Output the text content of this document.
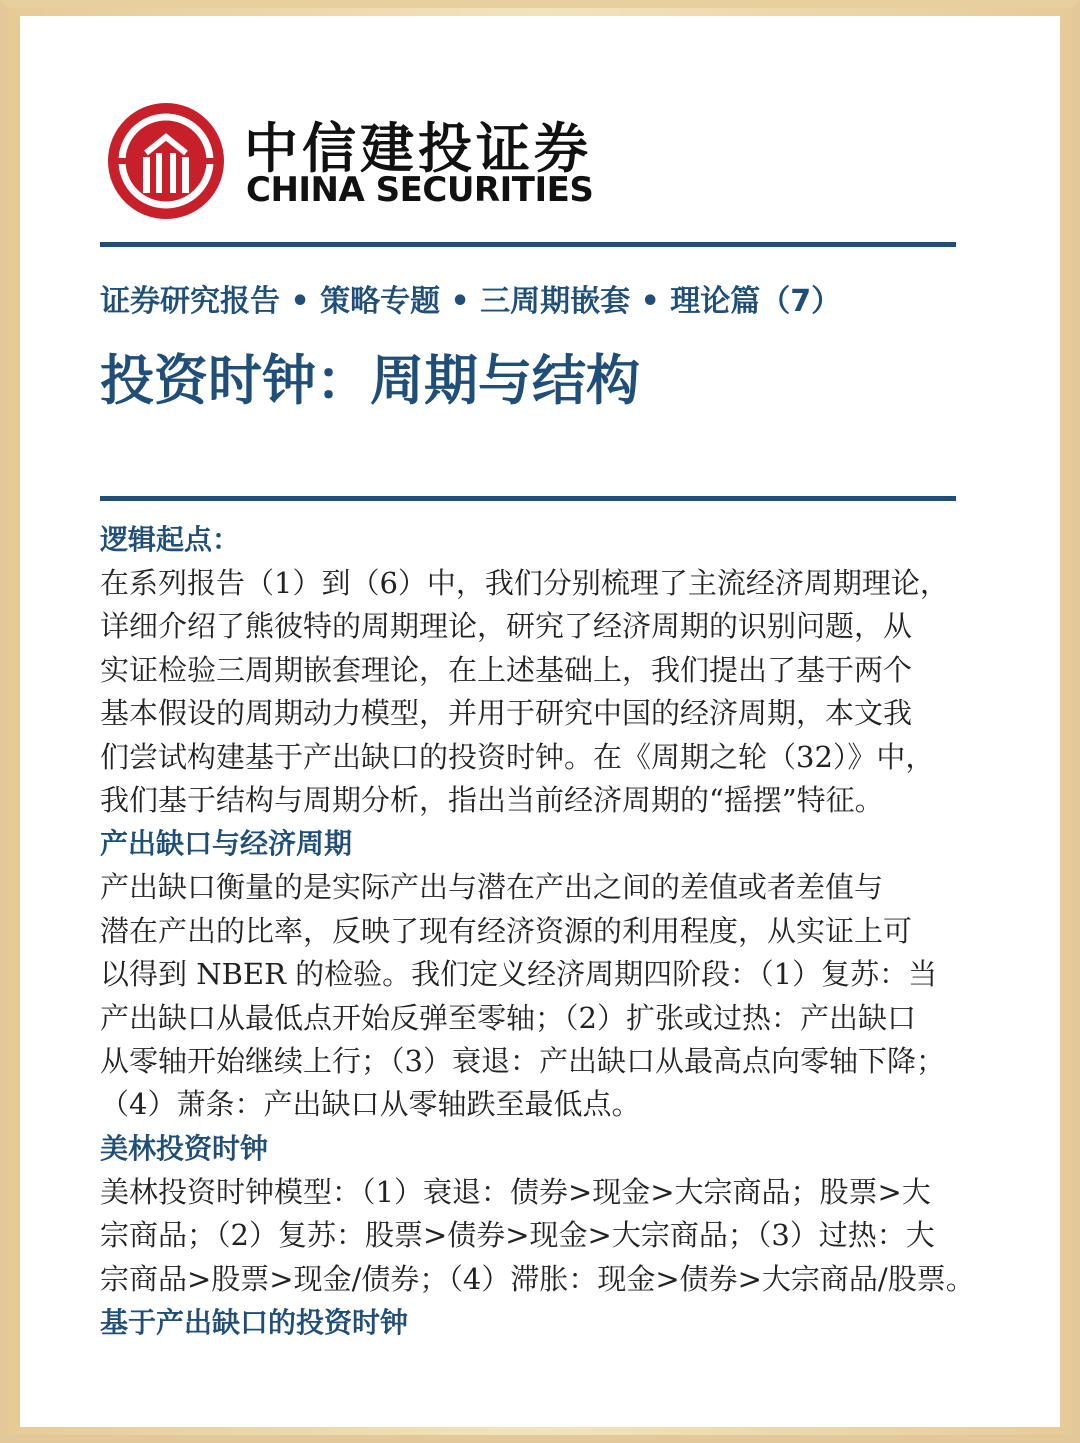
中信建投证券
CHINA SECURITIES
证券研究报告 • 策略专题 • 三周期嵌套 • 理论篇（7）
投资时钟：周期与结构
逻辑起点：

在系列报告（1）到（6）中，我们分别梳理了主流经济周期理论，
详细介绍了熊彼特的周期理论，研究了经济周期的识别问题，从
实证检验三周期嵌套理论，在上述基础上，我们提出了基于两个
基本假设的周期动力模型，并用于研究中国的经济周期，本文我
们尝试构建基于产出缺口的投资时钟。在《周期之轮（32）》中，
我们基于结构与周期分析，指出当前经济周期的“摇摆”特征。

产出缺口与经济周期

产出缺口衡量的是实际产出与潜在产出之间的差值或者差值与
潜在产出的比率，反映了现有经济资源的利用程度，从实证上可
以得到 NBER 的检验。我们定义经济周期四阶段：（1）复苏：当
产出缺口从最低点开始反弹至零轴；（2）扩张或过热：产出缺口
从零轴开始继续上行；（3）衰退：产出缺口从最高点向零轴下降；
（4）萧条：产出缺口从零轴跌至最低点。

美林投资时钟

美林投资时钟模型：（1）衰退：债券>现金>大宗商品；股票>大
宗商品；（2）复苏：股票>债券>现金>大宗商品；（3）过热：大
宗商品>股票>现金/债券；（4）滞胀：现金>债券>大宗商品/股票。

基于产出缺口的投资时钟
